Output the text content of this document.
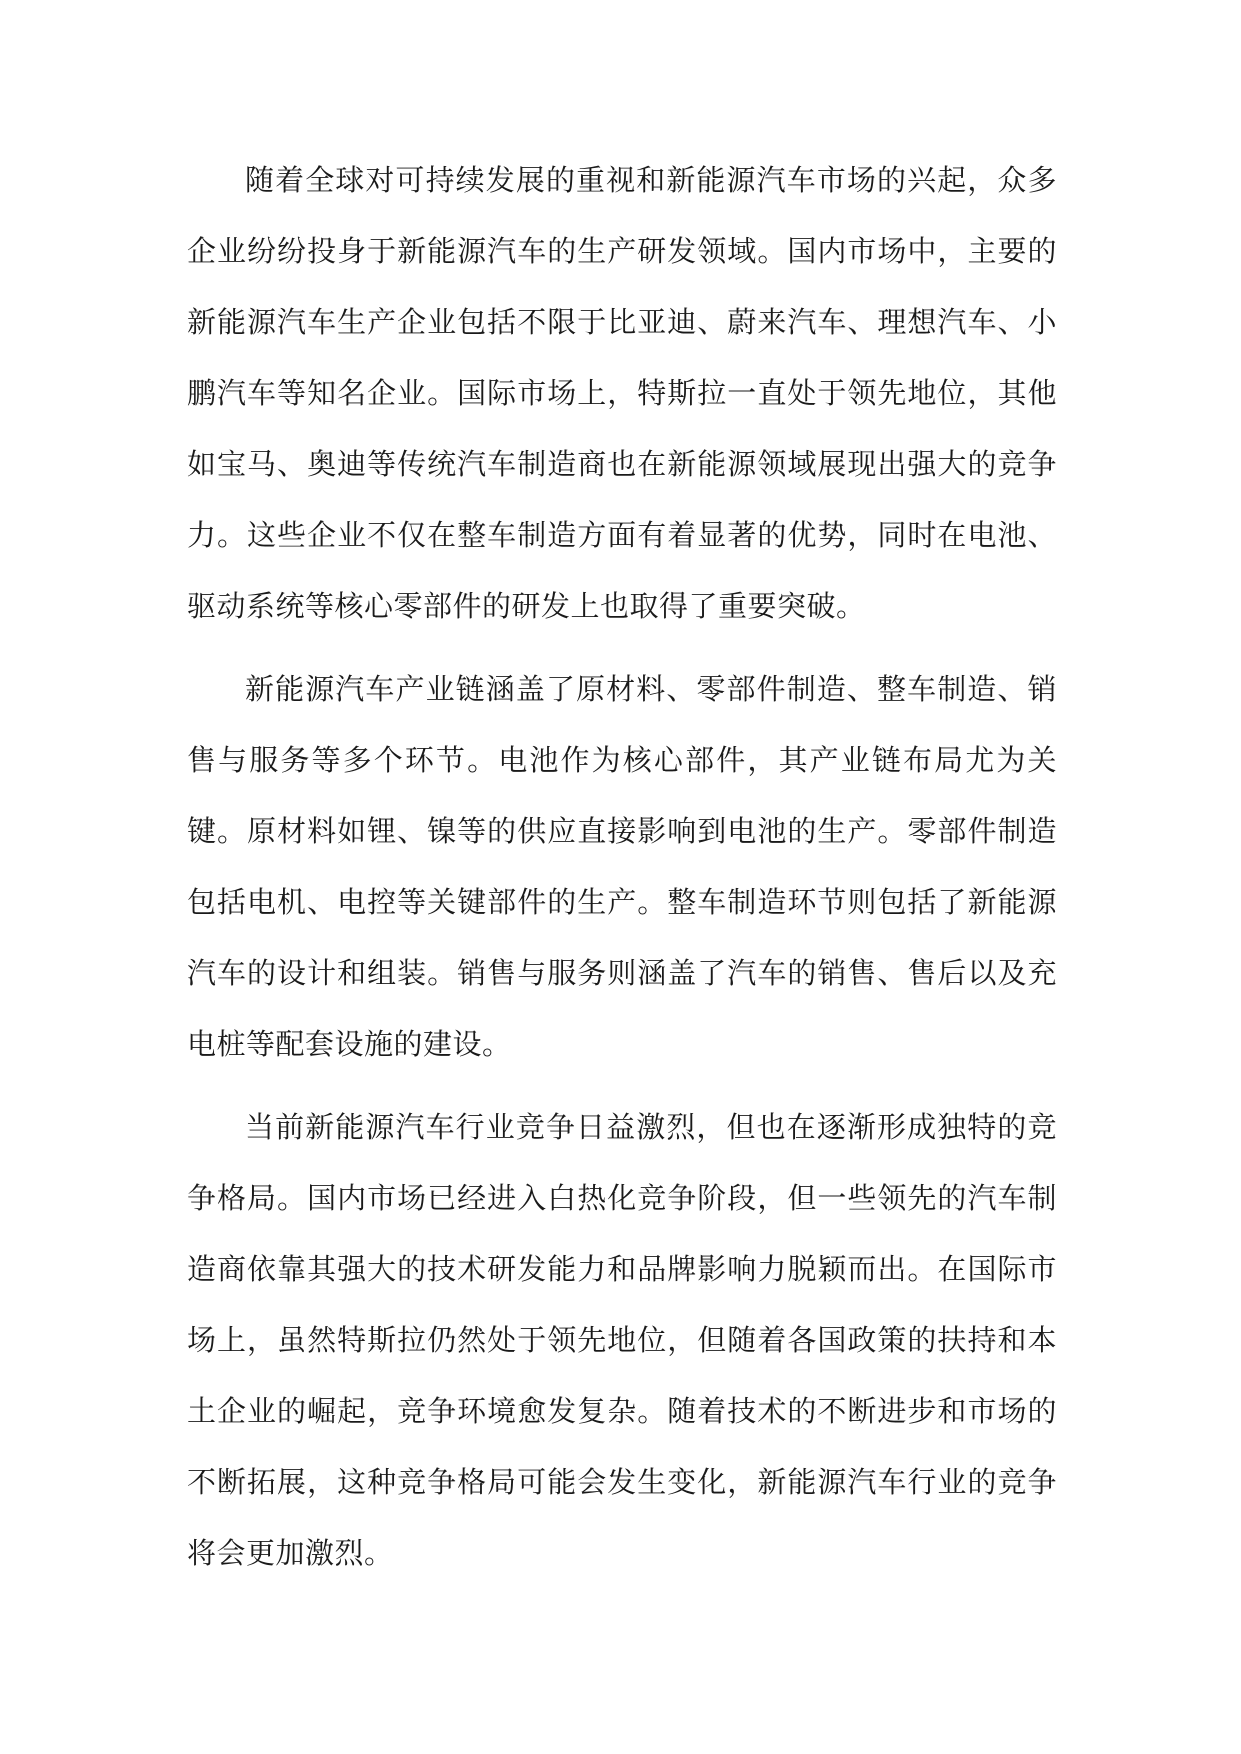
随着全球对可持续发展的重视和新能源汽车市场的兴起，众多企业纷纷投身于新能源汽车的生产研发领域。国内市场中，主要的新能源汽车生产企业包括不限于比亚迪、蔚来汽车、理想汽车、小鹏汽车等知名企业。国际市场上，特斯拉一直处于领先地位，其他如宝马、奥迪等传统汽车制造商也在新能源领域展现出强大的竞争力。这些企业不仅在整车制造方面有着显著的优势，同时在电池、驱动系统等核心零部件的研发上也取得了重要突破。

新能源汽车产业链涵盖了原材料、零部件制造、整车制造、销售与服务等多个环节。电池作为核心部件，其产业链布局尤为关键。原材料如锂、镍等的供应直接影响到电池的生产。零部件制造包括电机、电控等关键部件的生产。整车制造环节则包括了新能源汽车的设计和组装。销售与服务则涵盖了汽车的销售、售后以及充电桩等配套设施的建设。

当前新能源汽车行业竞争日益激烈，但也在逐渐形成独特的竞争格局。国内市场已经进入白热化竞争阶段，但一些领先的汽车制造商依靠其强大的技术研发能力和品牌影响力脱颖而出。在国际市场上，虽然特斯拉仍然处于领先地位，但随着各国政策的扶持和本土企业的崛起，竞争环境愈发复杂。随着技术的不断进步和市场的不断拓展，这种竞争格局可能会发生变化，新能源汽车行业的竞争将会更加激烈。
